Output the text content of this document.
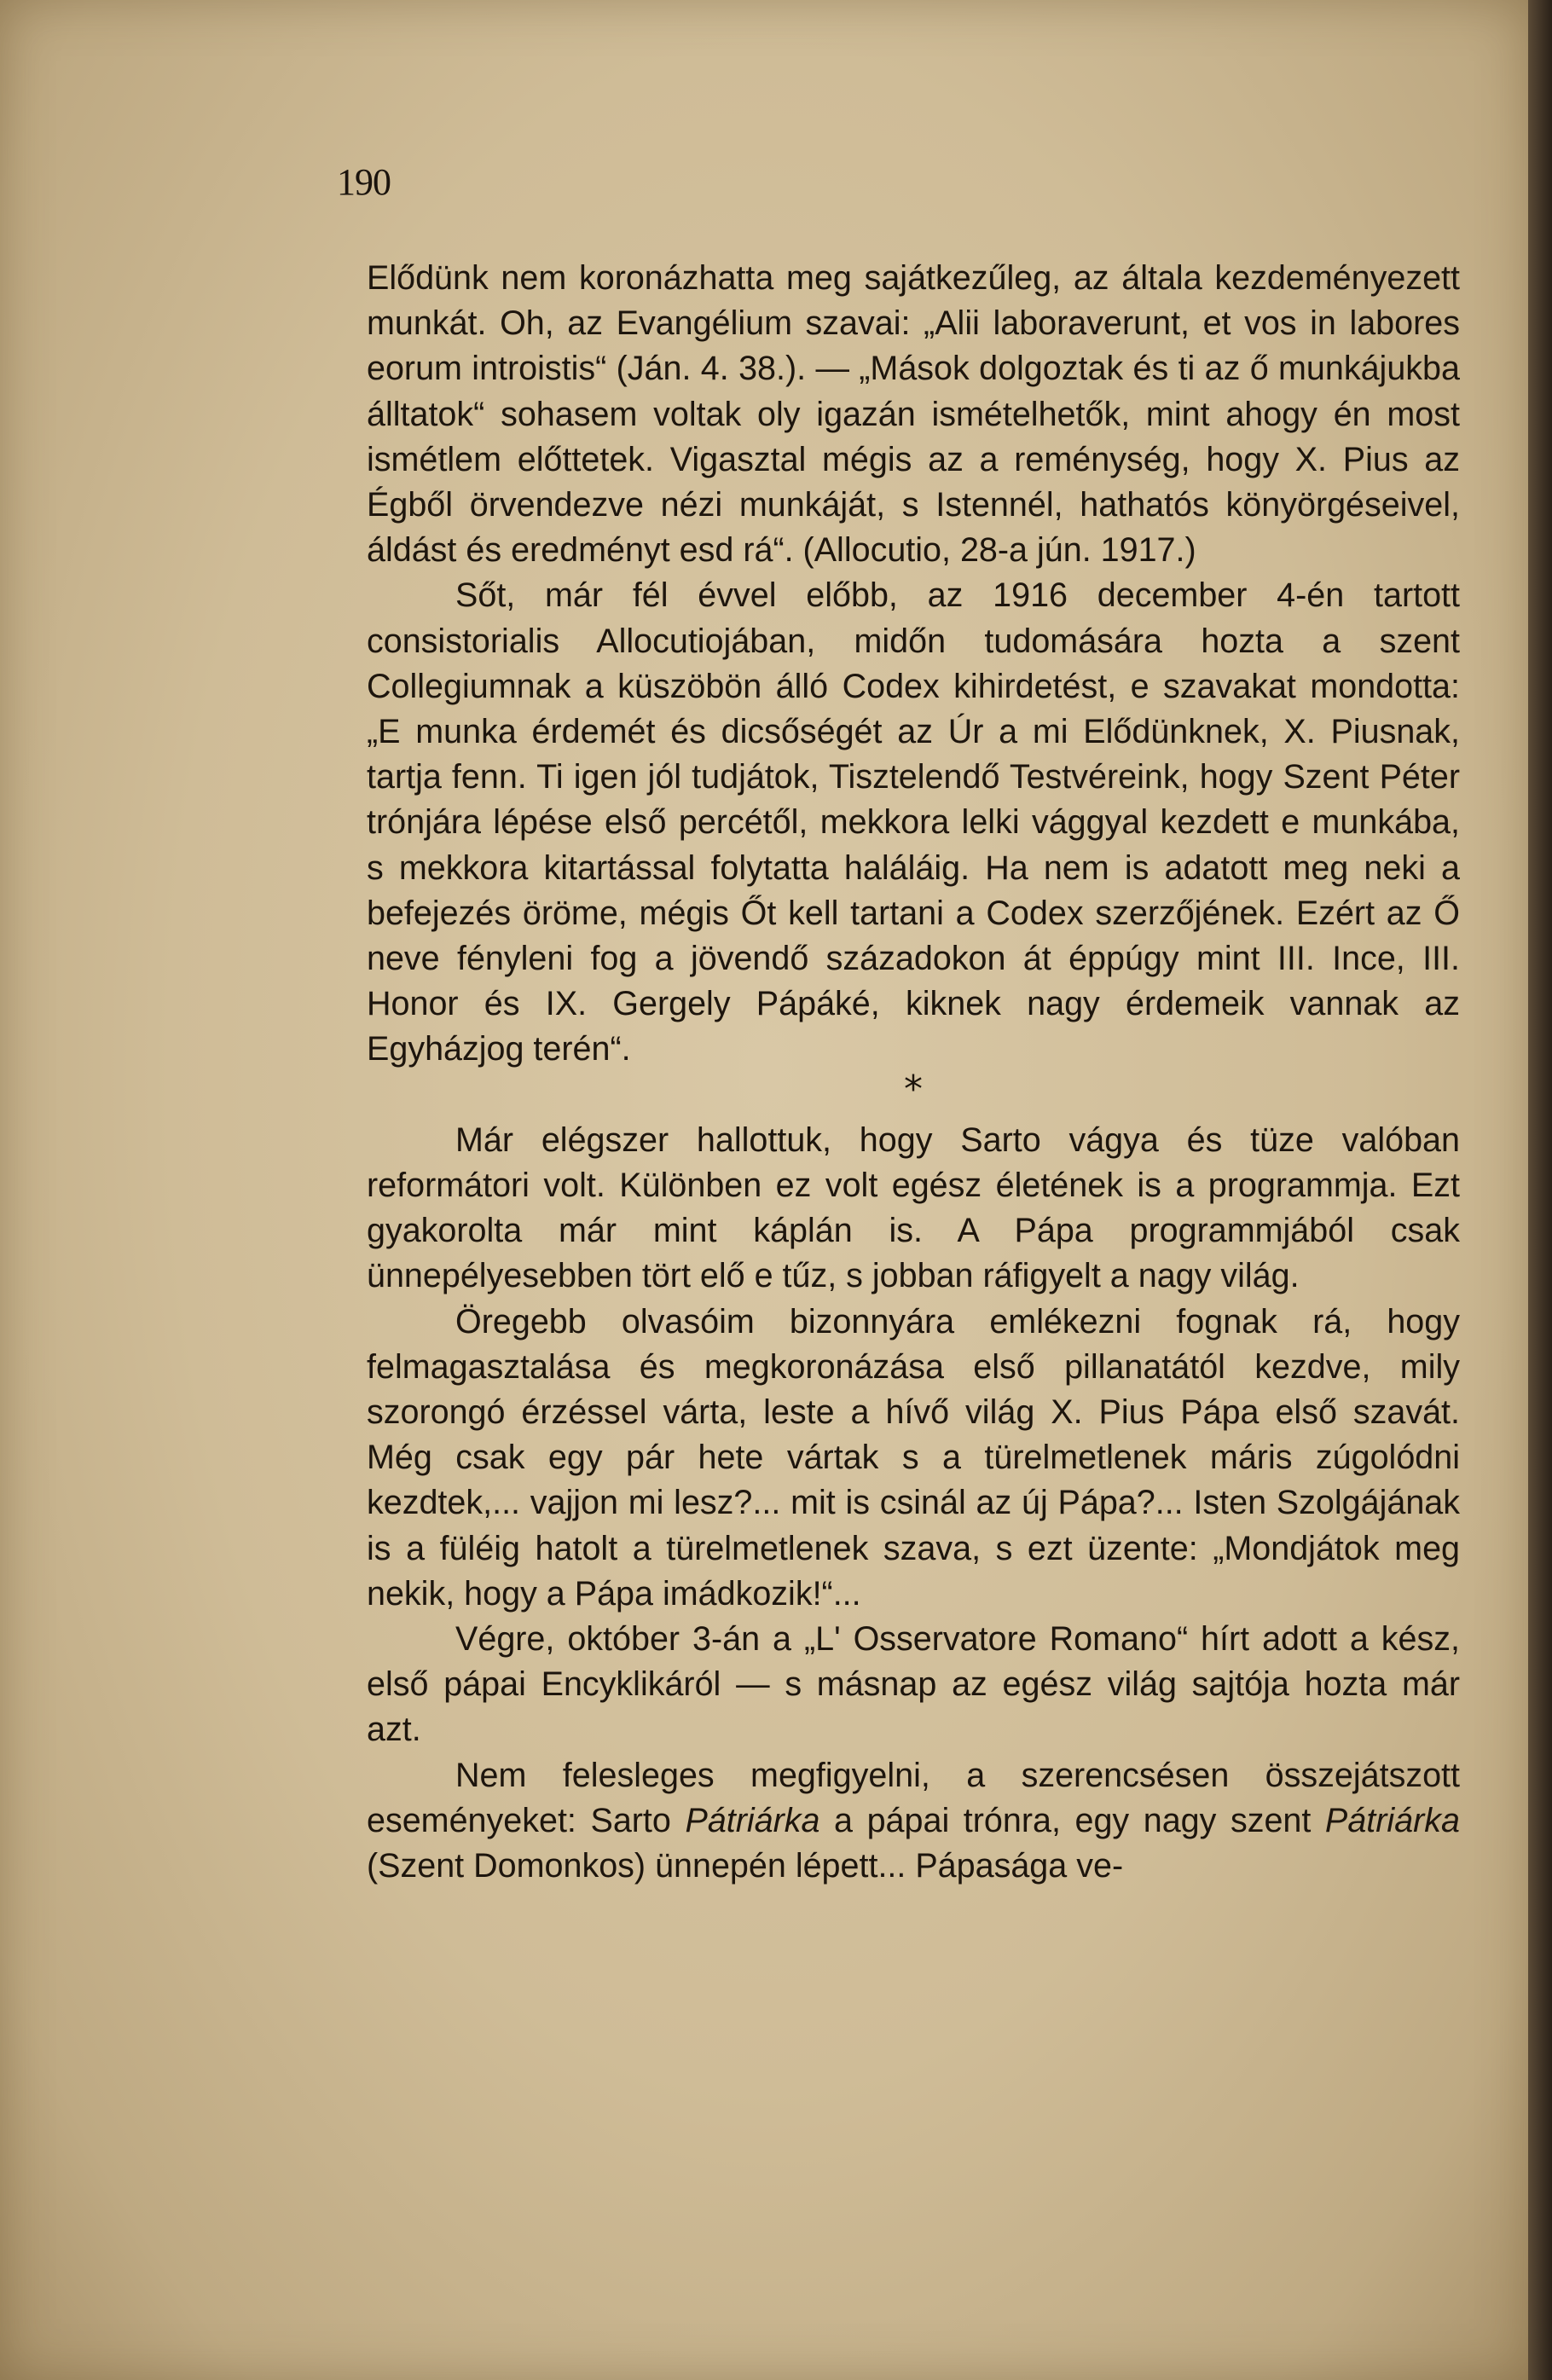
190

Elődünk nem koronázhatta meg sajátkezűleg, az általa kezdeményezett munkát. Oh, az Evangélium szavai: „Alii laboraverunt, et vos in labores eorum introistis“ (Ján. 4. 38.). — „Mások dolgoztak és ti az ő munkájukba álltatok“ sohasem voltak oly igazán ismételhetők, mint ahogy én most ismétlem előttetek. Vigasztal mégis az a reménység, hogy X. Pius az Égből örvendezve nézi munkáját, s Istennél, hathatós könyörgéseivel, áldást és eredményt esd rá“. (Allocutio, 28-a jún. 1917.)

Sőt, már fél évvel előbb, az 1916 december 4-én tartott consistorialis Allocutiojában, midőn tudomására hozta a szent Collegiumnak a küszöbön álló Codex kihirdetést, e szavakat mondotta: „E munka érdemét és dicsőségét az Úr a mi Elődünknek, X. Piusnak, tartja fenn. Ti igen jól tudjátok, Tisztelendő Testvéreink, hogy Szent Péter trónjára lépése első percétől, mekkora lelki vággyal kezdett e munkába, s mekkora kitartással folytatta haláláig. Ha nem is adatott meg neki a befejezés öröme, mégis Őt kell tartani a Codex szerzőjének. Ezért az Ő neve fényleni fog a jövendő századokon át éppúgy mint III. Ince, III. Honor és IX. Gergely Pápáké, kiknek nagy érdemeik vannak az Egyházjog terén“.

*

Már elégszer hallottuk, hogy Sarto vágya és tüze valóban reformátori volt. Különben ez volt egész életének is a programmja. Ezt gyakorolta már mint káplán is. A Pápa programmjából csak ünnepélyesebben tört elő e tűz, s jobban ráfigyelt a nagy világ.

Öregebb olvasóim bizonnyára emlékezni fognak rá, hogy felmagasztalása és megkoronázása első pillanatától kezdve, mily szorongó érzéssel várta, leste a hívő világ X. Pius Pápa első szavát. Még csak egy pár hete vártak s a türelmetlenek máris zúgolódni kezdtek,... vajjon mi lesz?... mit is csinál az új Pápa?... Isten Szolgájának is a füléig hatolt a türelmetlenek szava, s ezt üzente: „Mondjátok meg nekik, hogy a Pápa imádkozik!“...

Végre, október 3-án a „L' Osservatore Romano“ hírt adott a kész, első pápai Encyklikáról — s másnap az egész világ sajtója hozta már azt.

Nem felesleges megfigyelni, a szerencsésen összejátszott eseményeket: Sarto Pátriárka a pápai trónra, egy nagy szent Pátriárka (Szent Domonkos) ünnepén lépett... Pápasága ve-
